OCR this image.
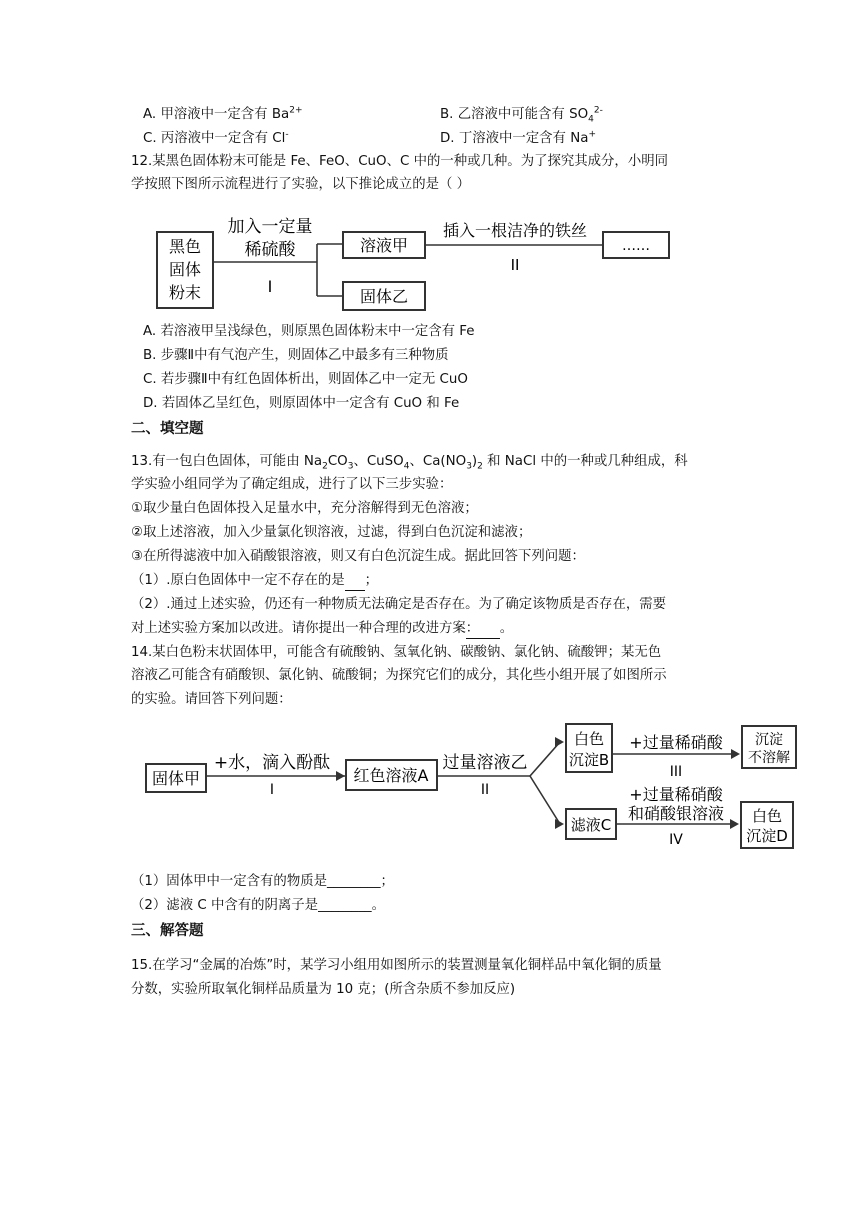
A. 甲溶液中一定含有 $Ba^{2+}$	B. 乙溶液中可能含有 $SO_4^{2-}$
C. 丙溶液中一定含有 Cl-	D. 丁溶液中一定含有 Na+
12.某黑色固体粉末可能是 Fe、FeO、CuO、C 中的一种或几种。为了探究其成分，小明同
学按照下图所示流程进行了实验，以下推论成立的是（ ）
黑色
固体
粉末
加入一定量
稀硫酸
I
溶液甲
固体乙
插入一根洁净的铁丝
II
……
A. 若溶液甲呈浅绿色，则原黑色固体粉末中一定含有 Fe
B. 步骤Ⅱ中有气泡产生，则固体乙中最多有三种物质
C. 若步骤Ⅱ中有红色固体析出，则固体乙中一定无 CuO
D. 若固体乙呈红色，则原固体中一定含有 CuO 和 Fe
二、填空题
13.有一包白色固体，可能由 $Na_2CO_3$、CuSO$_4$、$Ca(NO_3)_2$ 和 NaCl 中的一种或几种组成，科
学实验小组同学为了确定组成，进行了以下三步实验：
①取少量白色固体投入足量水中，充分溶解得到无色溶液；
②取上述溶液，加入少量氯化钡溶液，过滤，得到白色沉淀和滤液；
③在所得滤液中加入硝酸银溶液，则又有白色沉淀生成。据此回答下列问题：
（1）.原白色固体中一定不存在的是 ；
（2）.通过上述实验，仍还有一种物质无法确定是否存在。为了确定该物质是否存在，需要
对上述实验方案加以改进。请你提出一种合理的改进方案： 。
14.某白色粉末状固体甲，可能含有硫酸钠、氢氧化钠、碳酸钠、氯化钠、硫酸钾；某无色
溶液乙可能含有硝酸钡、氯化钠、硫酸铜；为探究它们的成分，其化些小组开展了如图所示
的实验。请回答下列问题：
固体甲
+水，滴入酚酞
I
红色溶液A
过量溶液乙
II
白色
沉淀B
+过量稀硝酸
III
沉淀
不溶解
滤液C
+过量稀硝酸
和硝酸银溶液
IV
白色
沉淀D
（1）固体甲中一定含有的物质是________；
（2）滤液 C 中含有的阴离子是________。
三、解答题
15.在学习“金属的冶炼”时，某学习小组用如图所示的装置测量氧化铜样品中氧化铜的质量
分数，实验所取氧化铜样品质量为 10 克；(所含杂质不参加反应)
